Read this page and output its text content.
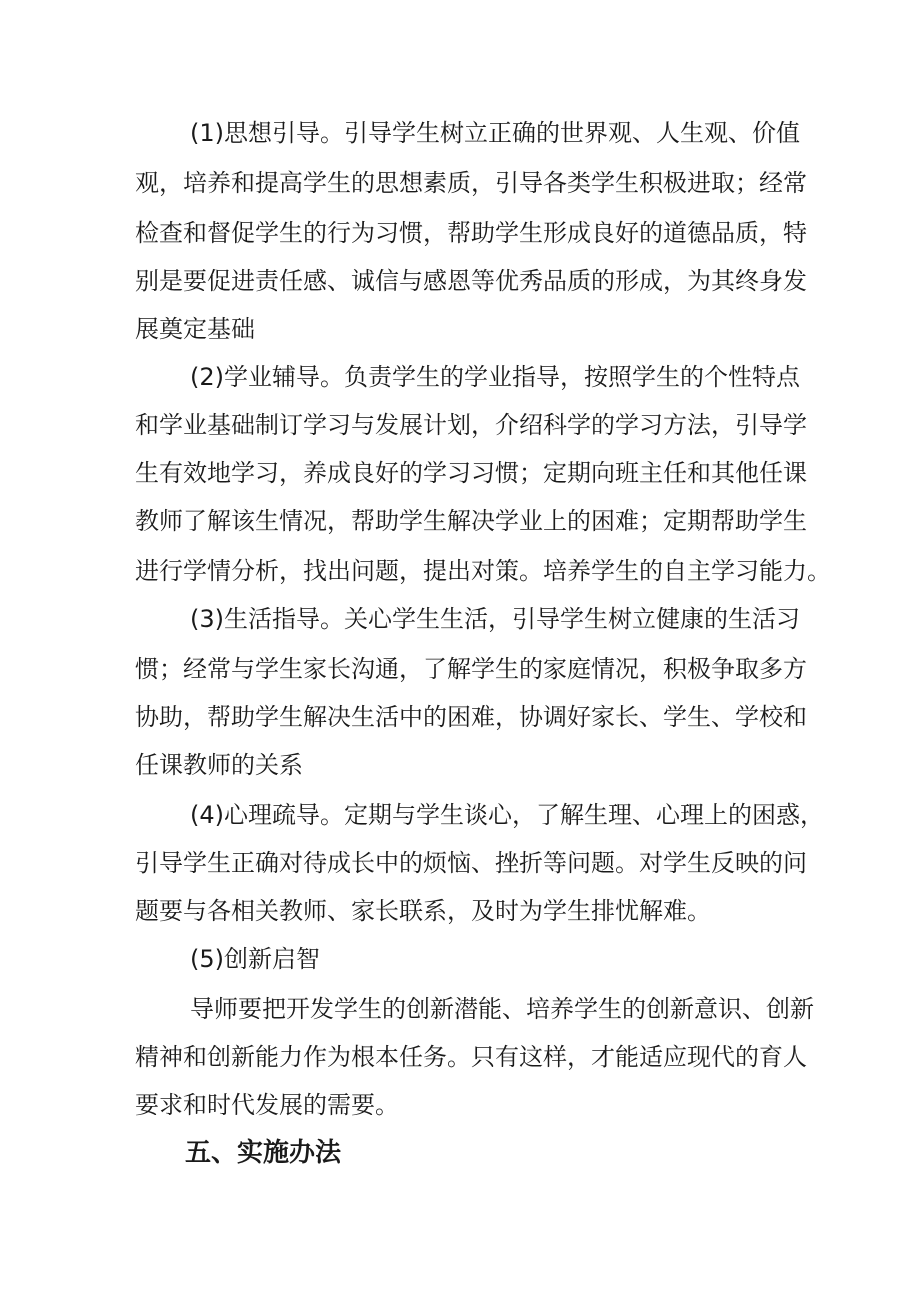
(1)思想引导。引导学生树立正确的世界观、人生观、价值
观，培养和提高学生的思想素质，引导各类学生积极进取；经常
检查和督促学生的行为习惯，帮助学生形成良好的道德品质，特
别是要促进责任感、诚信与感恩等优秀品质的形成，为其终身发
展奠定基础
(2)学业辅导。负责学生的学业指导，按照学生的个性特点
和学业基础制订学习与发展计划，介绍科学的学习方法，引导学
生有效地学习，养成良好的学习习惯；定期向班主任和其他任课
教师了解该生情况，帮助学生解决学业上的困难；定期帮助学生
进行学情分析，找出问题，提出对策。培养学生的自主学习能力。
(3)生活指导。关心学生生活，引导学生树立健康的生活习
惯；经常与学生家长沟通，了解学生的家庭情况，积极争取多方
协助，帮助学生解决生活中的困难，协调好家长、学生、学校和
任课教师的关系
(4)心理疏导。定期与学生谈心，了解生理、心理上的困惑，
引导学生正确对待成长中的烦恼、挫折等问题。对学生反映的问
题要与各相关教师、家长联系，及时为学生排忧解难。
(5)创新启智
导师要把开发学生的创新潜能、培养学生的创新意识、创新
精神和创新能力作为根本任务。只有这样，才能适应现代的育人
要求和时代发展的需要。
五、实施办法
